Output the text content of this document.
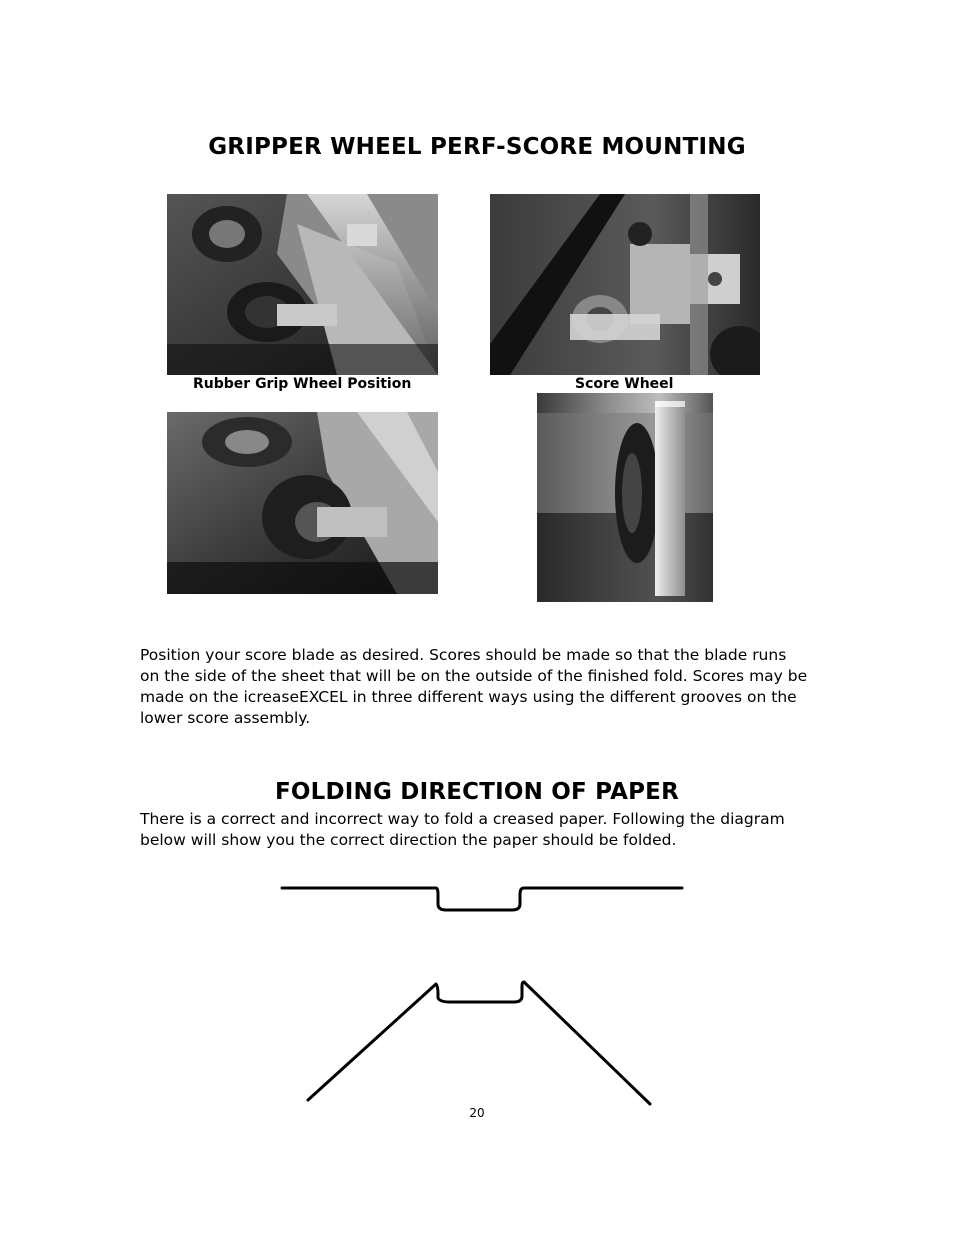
GRIPPER WHEEL PERF-SCORE MOUNTING
Rubber Grip Wheel Position	Score Wheel

Position your score blade as desired. Scores should be made so that the blade runs on the side of the sheet that will be on the outside of the finished fold. Scores may be made on the icreaseEXCEL in three different ways using the different grooves on the lower score assembly.

FOLDING DIRECTION OF PAPER

There is a correct and incorrect way to fold a creased paper. Following the diagram below will show you the correct direction the paper should be folded.

20
